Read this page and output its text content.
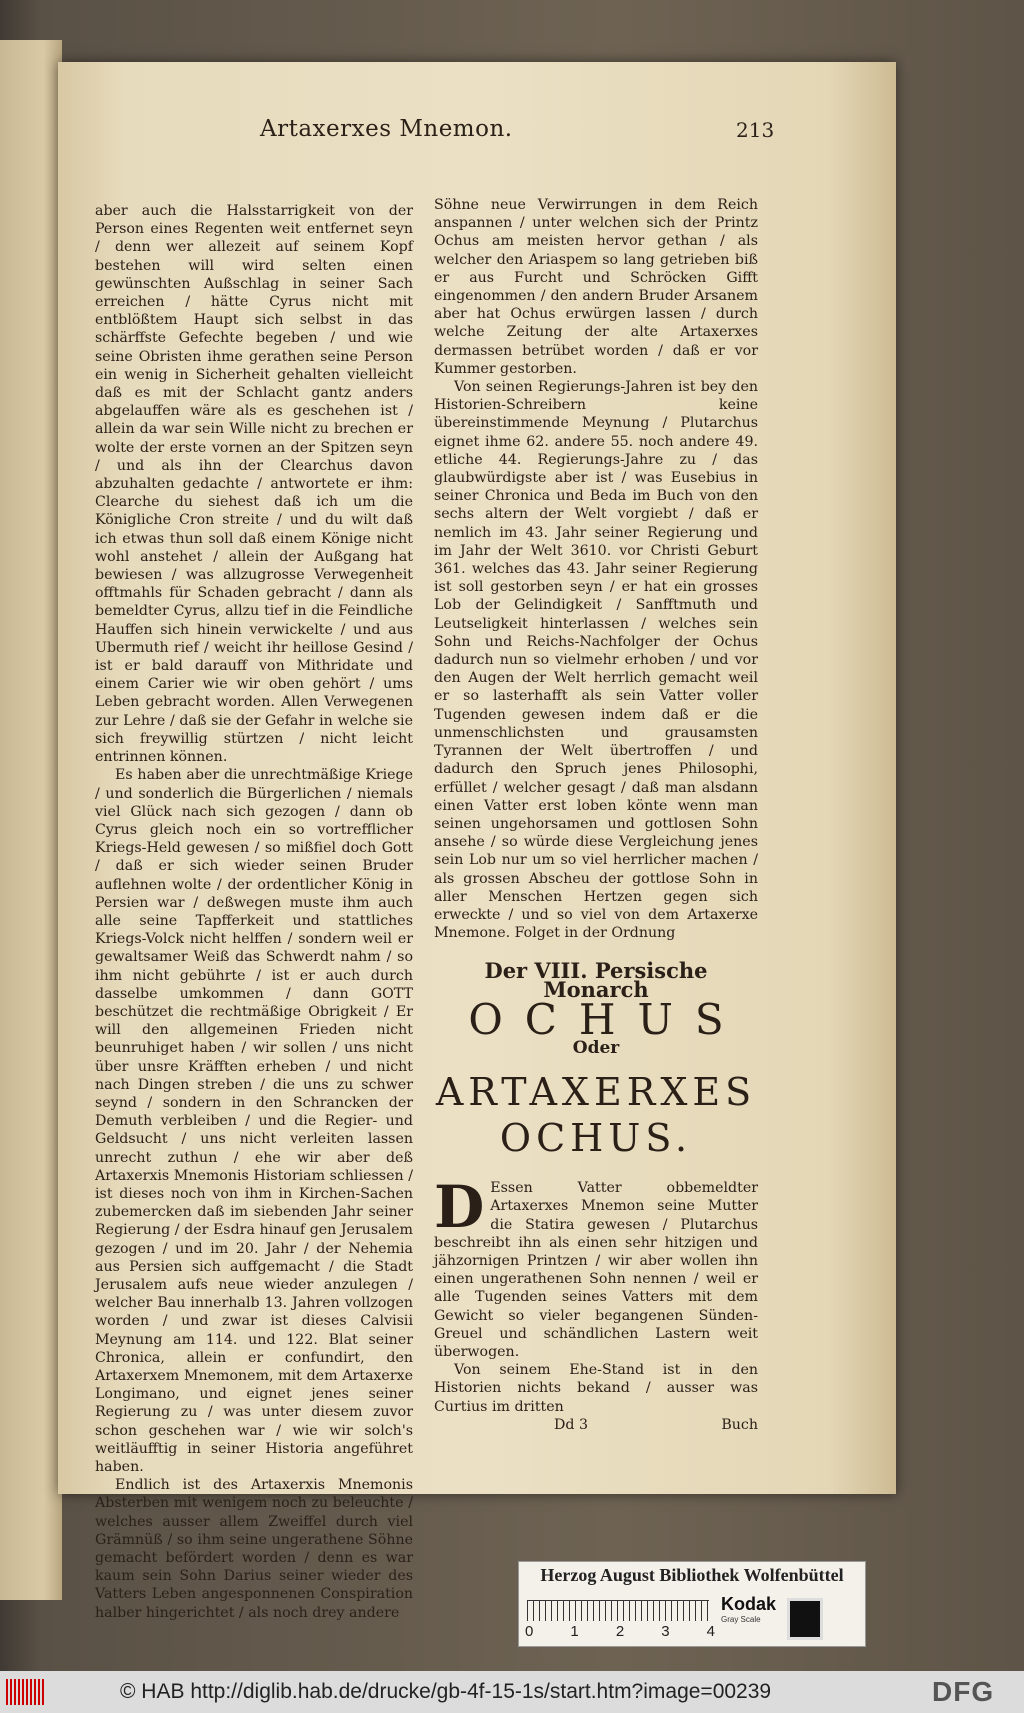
Artaxerxes Mnemon.	213

aber auch die Halsstarrigkeit von der Person eines Regenten weit entfernet seyn / denn wer allezeit auf seinem Kopf bestehen will wird selten einen gewünschten Außschlag in seiner Sach erreichen / hätte Cyrus nicht mit entblößtem Haupt sich selbst in das schärffste Gefechte begeben / und wie seine Obristen ihme gerathen seine Person ein wenig in Sicherheit gehalten vielleicht daß es mit der Schlacht gantz anders abgelauffen wäre als es geschehen ist / allein da war sein Wille nicht zu brechen er wolte der erste vornen an der Spitzen seyn / und als ihn der Clearchus davon abzuhalten gedachte / antwortete er ihm: Clearche du siehest daß ich um die Königliche Cron streite / und du wilt daß ich etwas thun soll daß einem Könige nicht wohl anstehet / allein der Außgang hat bewiesen / was allzugrosse Verwegenheit offtmahls für Schaden gebracht / dann als bemeldter Cyrus, allzu tief in die Feindliche Hauffen sich hinein verwickelte / und aus Ubermuth rief / weicht ihr heillose Gesind / ist er bald darauff von Mithridate und einem Carier wie wir oben gehört / ums Leben gebracht worden. Allen Verwegenen zur Lehre / daß sie der Gefahr in welche sie sich freywillig stürtzen / nicht leicht entrinnen können.

Es haben aber die unrechtmäßige Kriege / und sonderlich die Bürgerlichen / niemals viel Glück nach sich gezogen / dann ob Cyrus gleich noch ein so vortrefflicher Kriegs-Held gewesen / so mißfiel doch Gott / daß er sich wieder seinen Bruder auflehnen wolte / der ordentlicher König in Persien war / deßwegen muste ihm auch alle seine Tapfferkeit und stattliches Kriegs-Volck nicht helffen / sondern weil er gewaltsamer Weiß das Schwerdt nahm / so ihm nicht gebührte / ist er auch durch dasselbe umkommen / dann GOTT beschützet die rechtmäßige Obrigkeit / Er will den allgemeinen Frieden nicht beunruhiget haben / wir sollen / uns nicht über unsre Kräfften erheben / und nicht nach Dingen streben / die uns zu schwer seynd / sondern in den Schrancken der Demuth verbleiben / und die Regier- und Geldsucht / uns nicht verleiten lassen unrecht zuthun / ehe wir aber deß Artaxerxis Mnemonis Historiam schliessen / ist dieses noch von ihm in Kirchen-Sachen zubemercken daß im siebenden Jahr seiner Regierung / der Esdra hinauf gen Jerusalem gezogen / und im 20. Jahr / der Nehemia aus Persien sich auffgemacht / die Stadt Jerusalem aufs neue wieder anzulegen / welcher Bau innerhalb 13. Jahren vollzogen worden / und zwar ist dieses Calvisii Meynung am 114. und 122. Blat seiner Chronica, allein er confundirt, den Artaxerxem Mnemonem, mit dem Artaxerxe Longimano, und eignet jenes seiner Regierung zu / was unter diesem zuvor schon geschehen war / wie wir solch's weitläufftig in seiner Historia angeführet haben.

Endlich ist des Artaxerxis Mnemonis Absterben mit wenigem noch zu beleuchte / welches ausser allem Zweiffel durch viel Grämnüß / so ihm seine ungerathene Söhne gemacht befördert worden / denn es war kaum sein Sohn Darius seiner wieder des Vatters Leben angesponnenen Conspiration halber hingerichtet / als noch drey andere

Söhne neue Verwirrungen in dem Reich anspannen / unter welchen sich der Printz Ochus am meisten hervor gethan / als welcher den Ariaspem so lang getrieben biß er aus Furcht und Schröcken Gifft eingenommen / den andern Bruder Arsanem aber hat Ochus erwürgen lassen / durch welche Zeitung der alte Artaxerxes dermassen betrübet worden / daß er vor Kummer gestorben.

Von seinen Regierungs-Jahren ist bey den Historien-Schreibern keine übereinstimmende Meynung / Plutarchus eignet ihme 62. andere 55. noch andere 49. etliche 44. Regierungs-Jahre zu / das glaubwürdigste aber ist / was Eusebius in seiner Chronica und Beda im Buch von den sechs altern der Welt vorgiebt / daß er nemlich im 43. Jahr seiner Regierung und im Jahr der Welt 3610. vor Christi Geburt 361. welches das 43. Jahr seiner Regierung ist soll gestorben seyn / er hat ein grosses Lob der Gelindigkeit / Sanfftmuth und Leutseligkeit hinterlassen / welches sein Sohn und Reichs-Nachfolger der Ochus dadurch nun so vielmehr erhoben / und vor den Augen der Welt herrlich gemacht weil er so lasterhafft als sein Vatter voller Tugenden gewesen indem daß er die unmenschlichsten und grausamsten Tyrannen der Welt übertroffen / und dadurch den Spruch jenes Philosophi, erfüllet / welcher gesagt / daß man alsdann einen Vatter erst loben könte wenn man seinen ungehorsamen und gottlosen Sohn ansehe / so würde diese Vergleichung jenes sein Lob nur um so viel herrlicher machen / als grossen Abscheu der gottlose Sohn in aller Menschen Hertzen gegen sich erweckte / und so viel von dem Artaxerxe Mnemone. Folget in der Ordnung

Der VIII. Persische Monarch
OCHUS
Oder
ARTAXERXES
OCHUS.

D Essen Vatter obbemeldter Artaxerxes Mnemon seine Mutter die Statira gewesen / Plutarchus beschreibt ihn als einen sehr hitzigen und jähzornigen Printzen / wir aber wollen ihn einen ungerathenen Sohn nennen / weil er alle Tugenden seines Vatters mit dem Gewicht so vieler begangenen Sünden-Greuel und schändlichen Lastern weit überwogen.

Von seinem Ehe-Stand ist in den Historien nichts bekand / ausser was Curtius im dritten

Dd 3	Buch
Herzog August Bibliothek Wolfenbüttel
0 1 2 3 4
Kodak
Gray Scale
© HAB http://diglib.hab.de/drucke/gb-4f-15-1s/start.htm?image=00239	DFG
